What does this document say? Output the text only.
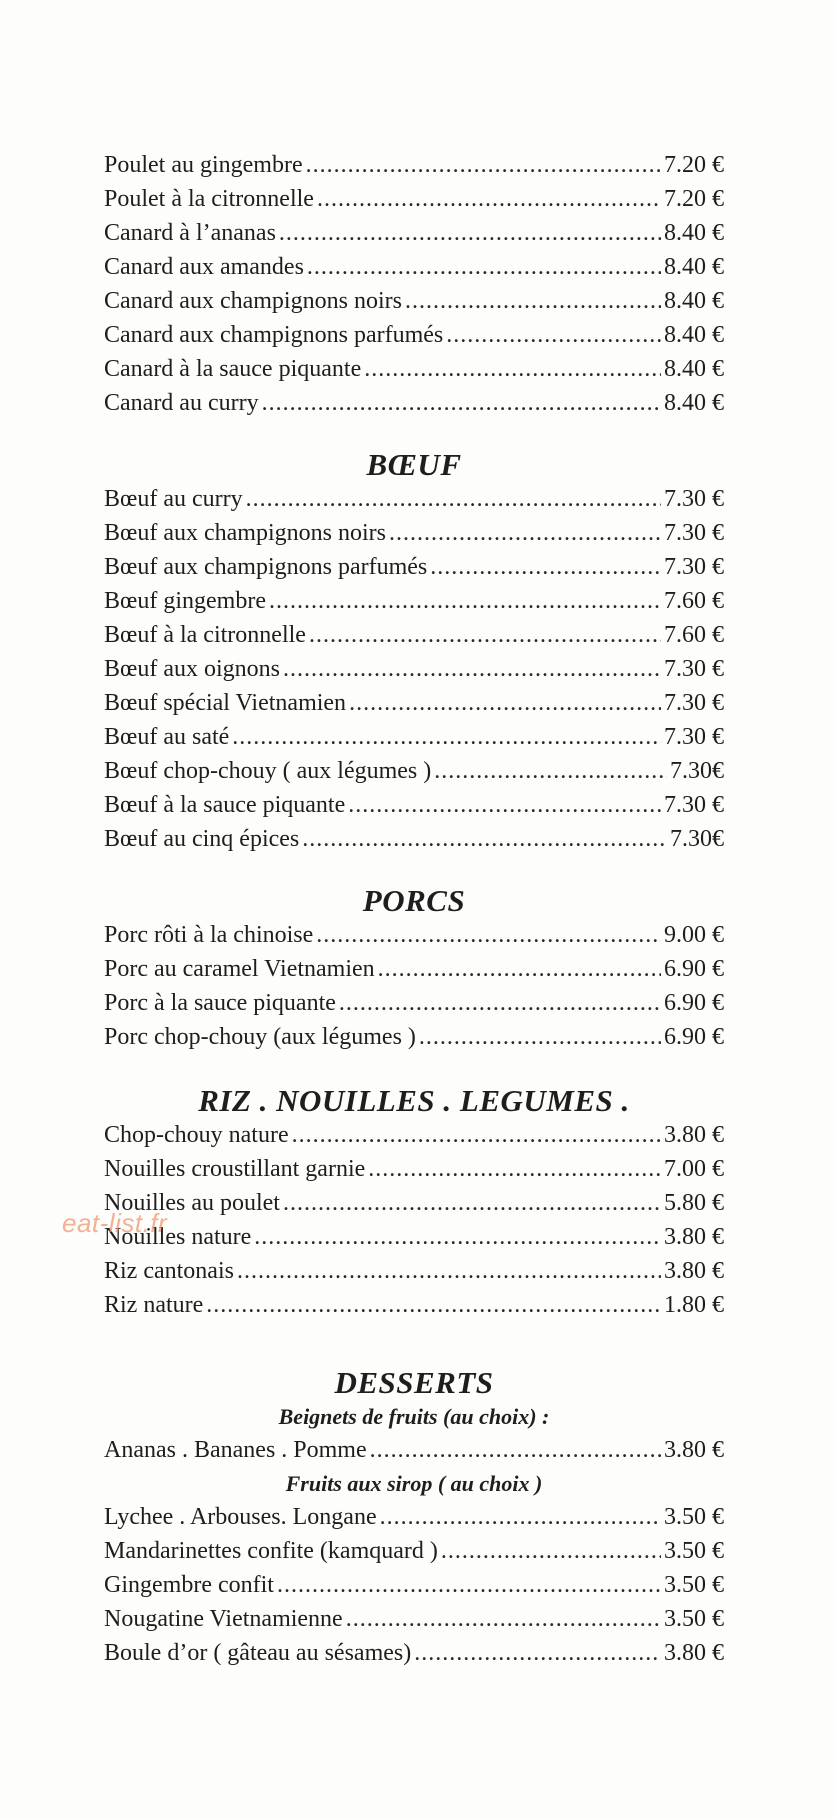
Poulet au gingembre .....	7.20 €
Poulet à la citronnelle .....	7.20 €
Canard à l’ananas .....	8.40 €
Canard aux amandes .....	8.40 €
Canard aux champignons noirs .....	8.40 €
Canard aux champignons parfumés .....	8.40 €
Canard à la sauce piquante .....	8.40 €
Canard au curry .....	8.40 €
BŒUF
Bœuf au curry .....	7.30 €
Bœuf aux champignons noirs .....	7.30 €
Bœuf aux champignons parfumés .....	7.30 €
Bœuf gingembre .....	7.60 €
Bœuf à la citronnelle .....	7.60 €
Bœuf aux oignons .....	7.30 €
Bœuf spécial Vietnamien .....	7.30 €
Bœuf au saté .....	7.30 €
Bœuf chop-chouy ( aux légumes ) .....	7.30€
Bœuf à la sauce piquante .....	7.30 €
Bœuf au cinq épices .....	7.30€
PORCS
Porc rôti à la chinoise .....	9.00 €
Porc au caramel Vietnamien .....	6.90 €
Porc à la sauce piquante .....	6.90 €
Porc chop-chouy (aux légumes ) .....	6.90 €
RIZ . NOUILLES . LEGUMES .
Chop-chouy nature .....	3.80 €
Nouilles croustillant garnie .....	7.00 €
Nouilles au poulet .....	5.80 €
Nouilles nature .....	3.80 €
Riz cantonais .....	3.80 €
Riz nature .....	1.80 €
DESSERTS
Beignets de fruits (au choix) :
Ananas . Bananes . Pomme .....	3.80 €
Fruits aux sirop ( au choix )
Lychee . Arbouses. Longane .....	3.50 €
Mandarinettes confite (kamquard ) .....	3.50 €
Gingembre confit .....	3.50 €
Nougatine Vietnamienne .....	3.50 €
Boule d’or ( gâteau au sésames) .....	3.80 €
eat-list.fr
